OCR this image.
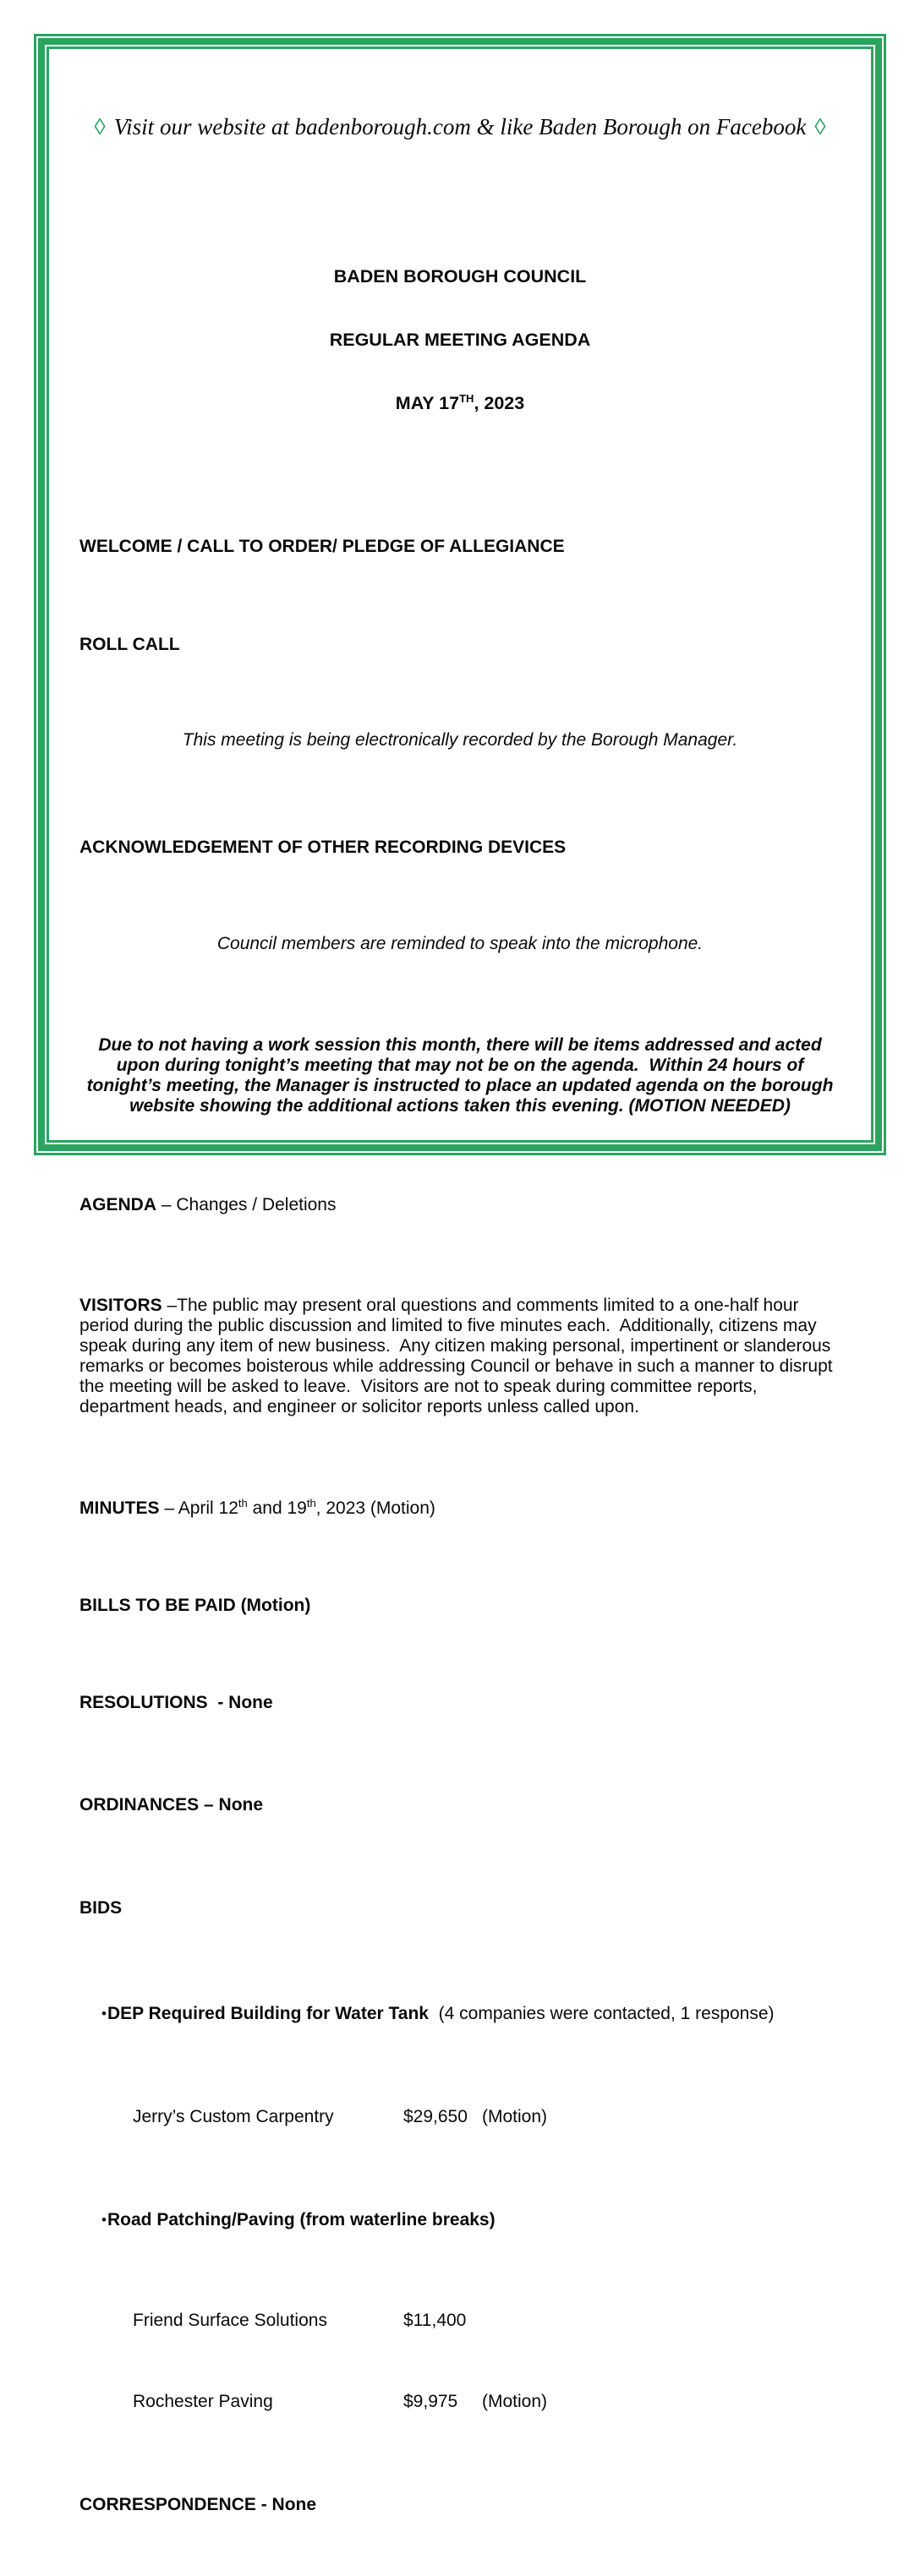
◊ Visit our website at badenborough.com & like Baden Borough on Facebook ◊

BADEN BOROUGH COUNCIL

REGULAR MEETING AGENDA

MAY 17TH, 2023

WELCOME / CALL TO ORDER/ PLEDGE OF ALLEGIANCE

ROLL CALL

This meeting is being electronically recorded by the Borough Manager.

ACKNOWLEDGEMENT OF OTHER RECORDING DEVICES

Council members are reminded to speak into the microphone.

Due to not having a work session this month, there will be items addressed and acted upon during tonight’s meeting that may not be on the agenda.  Within 24 hours of tonight’s meeting, the Manager is instructed to place an updated agenda on the borough website showing the additional actions taken this evening. (MOTION NEEDED)

AGENDA – Changes / Deletions

VISITORS –The public may present oral questions and comments limited to a one-half hour period during the public discussion and limited to five minutes each.  Additionally, citizens may speak during any item of new business.  Any citizen making personal, impertinent or slanderous remarks or becomes boisterous while addressing Council or behave in such a manner to disrupt the meeting will be asked to leave.  Visitors are not to speak during committee reports, department heads, and engineer or solicitor reports unless called upon.

MINUTES – April 12th and 19th, 2023 (Motion)

BILLS TO BE PAID (Motion)

RESOLUTIONS  - None

ORDINANCES – None

BIDS

• DEP Required Building for Water Tank  (4 companies were contacted, 1 response)

Jerry’s Custom Carpentry	$29,650 (Motion)

• Road Patching/Paving (from waterline breaks)

Friend Surface Solutions	$11,400

Rochester Paving	$9,975	(Motion)

CORRESPONDENCE - None
